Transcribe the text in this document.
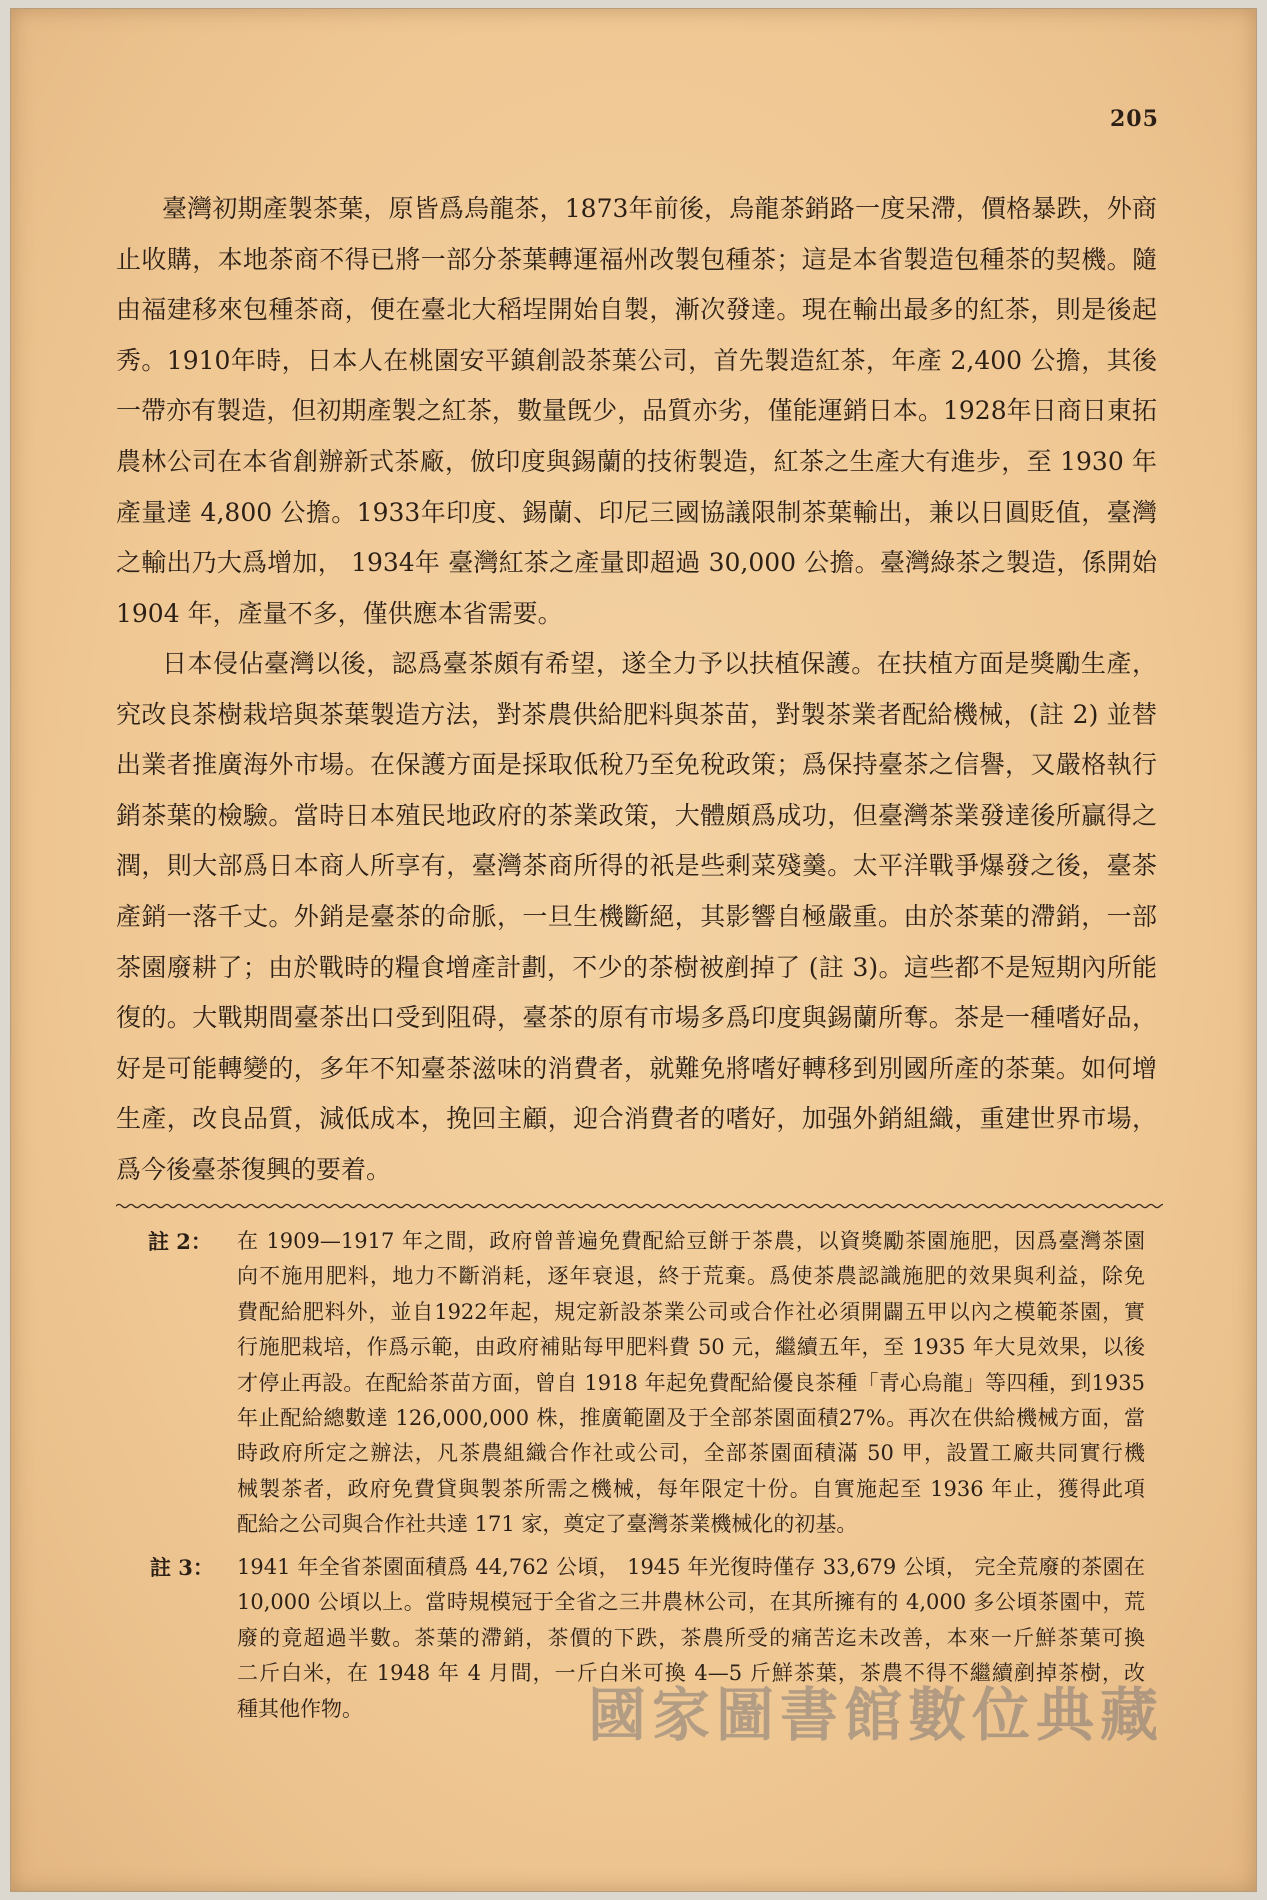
205
臺灣初期產製茶葉，原皆爲烏龍茶，1873年前後，烏龍茶銷路一度呆滯，價格暴跌，外商
止收購，本地茶商不得已將一部分茶葉轉運福州改製包種茶；這是本省製造包種茶的契機。隨
由福建移來包種茶商，便在臺北大稻埕開始自製，漸次發達。現在輸出最多的紅茶，則是後起
秀。1910年時，日本人在桃園安平鎮創設茶葉公司，首先製造紅茶，年產 2,400 公擔，其後
一帶亦有製造，但初期產製之紅茶，數量旣少，品質亦劣，僅能運銷日本。1928年日商日東拓
農林公司在本省創辦新式茶廠，倣印度與錫蘭的技術製造，紅茶之生產大有進步，至 1930 年
產量達 4,800 公擔。1933年印度、錫蘭、印尼三國協議限制茶葉輸出，兼以日圓貶值，臺灣
之輸出乃大爲增加， 1934年 臺灣紅茶之產量即超過 30,000 公擔。臺灣綠茶之製造，係開始
1904 年，產量不多，僅供應本省需要。
日本侵佔臺灣以後，認爲臺茶頗有希望，遂全力予以扶植保護。在扶植方面是獎勵生產，
究改良茶樹栽培與茶葉製造方法，對茶農供給肥料與茶苗，對製茶業者配給機械，(註 2) 並替
出業者推廣海外市場。在保護方面是採取低稅乃至免稅政策；爲保持臺茶之信譽，又嚴格執行
銷茶葉的檢驗。當時日本殖民地政府的茶業政策，大體頗爲成功，但臺灣茶業發達後所贏得之
潤，則大部爲日本商人所享有，臺灣茶商所得的祇是些剩菜殘羹。太平洋戰爭爆發之後，臺茶
產銷一落千丈。外銷是臺茶的命脈，一旦生機斷絕，其影響自極嚴重。由於茶葉的滯銷，一部
茶園廢耕了；由於戰時的糧食增產計劃，不少的茶樹被剷掉了 (註 3)。這些都不是短期內所能
復的。大戰期間臺茶出口受到阻碍，臺茶的原有市場多爲印度與錫蘭所奪。茶是一種嗜好品，
好是可能轉變的，多年不知臺茶滋味的消費者，就難免將嗜好轉移到別國所產的茶葉。如何增
生產，改良品質，減低成本，挽回主顧，迎合消費者的嗜好，加强外銷組織，重建世界市場，
爲今後臺茶復興的要着。
註 2： 在 1909—1917 年之間，政府曾普遍免費配給豆餅于茶農，以資獎勵茶園施肥，因爲臺灣茶園
向不施用肥料，地力不斷消耗，逐年衰退，終于荒棄。爲使茶農認識施肥的效果與利益，除免
費配給肥料外，並自1922年起，規定新設茶業公司或合作社必須開闢五甲以內之模範茶園，實
行施肥栽培，作爲示範，由政府補貼每甲肥料費 50 元，繼續五年，至 1935 年大見效果，以後
才停止再設。在配給茶苗方面，曾自 1918 年起免費配給優良茶種「青心烏龍」等四種，到1935
年止配給總數達 126,000,000 株，推廣範圍及于全部茶園面積27%。再次在供給機械方面，當
時政府所定之辦法，凡茶農組織合作社或公司，全部茶園面積滿 50 甲，設置工廠共同實行機
械製茶者，政府免費貸與製茶所需之機械，每年限定十份。自實施起至 1936 年止，獲得此項
配給之公司與合作社共達 171 家，奠定了臺灣茶業機械化的初基。
註 3： 1941 年全省茶園面積爲 44,762 公頃， 1945 年光復時僅存 33,679 公頃， 完全荒廢的茶園在
10,000 公頃以上。當時規模冠于全省之三井農林公司，在其所擁有的 4,000 多公頃茶園中，荒
廢的竟超過半數。茶葉的滯銷，茶價的下跌，茶農所受的痛苦迄未改善，本來一斤鮮茶葉可換
二斤白米，在 1948 年 4 月間，一斤白米可換 4—5 斤鮮茶葉，茶農不得不繼續剷掉茶樹，改
種其他作物。	國家圖書館數位典藏
